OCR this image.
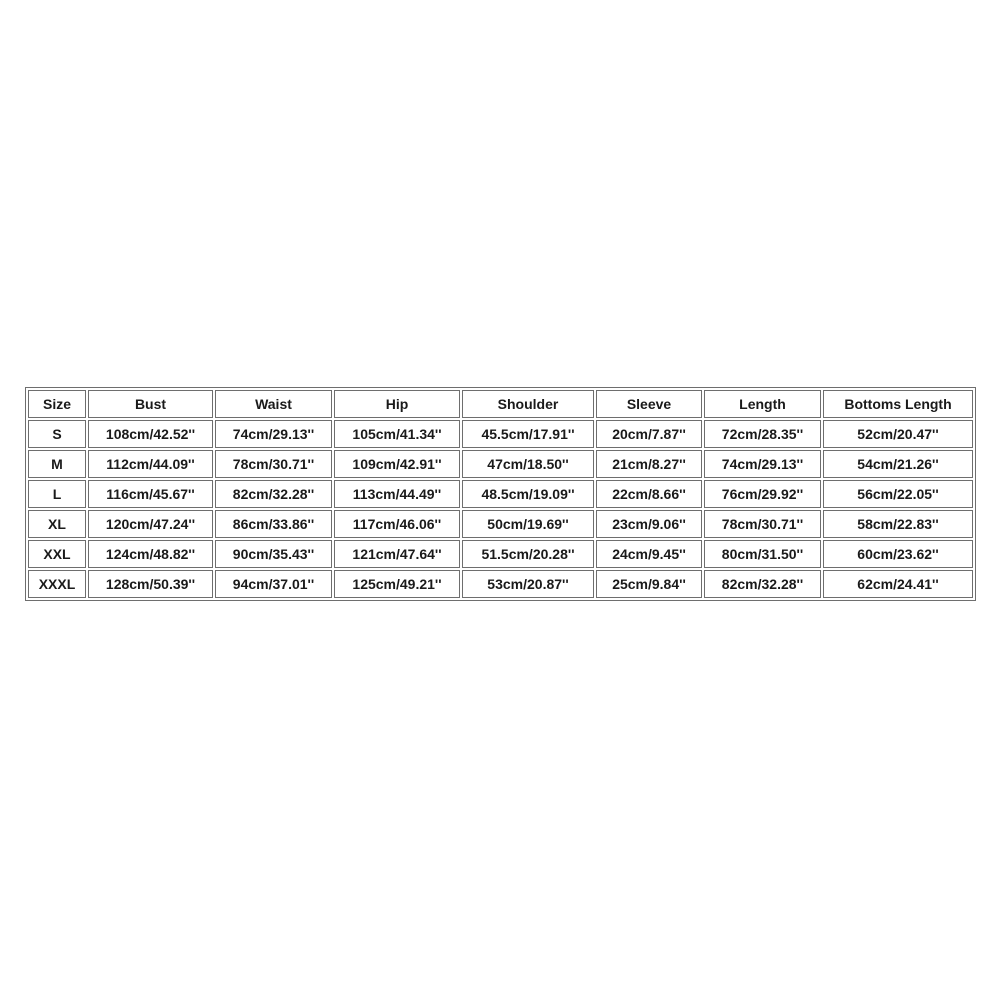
Size	Bust	Waist	Hip	Shoulder	Sleeve	Length	Bottoms Length
S	108cm/42.52''	74cm/29.13''	105cm/41.34''	45.5cm/17.91''	20cm/7.87''	72cm/28.35''	52cm/20.47''
M	112cm/44.09''	78cm/30.71''	109cm/42.91''	47cm/18.50''	21cm/8.27''	74cm/29.13''	54cm/21.26''
L	116cm/45.67''	82cm/32.28''	113cm/44.49''	48.5cm/19.09''	22cm/8.66''	76cm/29.92''	56cm/22.05''
XL	120cm/47.24''	86cm/33.86''	117cm/46.06''	50cm/19.69''	23cm/9.06''	78cm/30.71''	58cm/22.83''
XXL	124cm/48.82''	90cm/35.43''	121cm/47.64''	51.5cm/20.28''	24cm/9.45''	80cm/31.50''	60cm/23.62''
XXXL	128cm/50.39''	94cm/37.01''	125cm/49.21''	53cm/20.87''	25cm/9.84''	82cm/32.28''	62cm/24.41''
